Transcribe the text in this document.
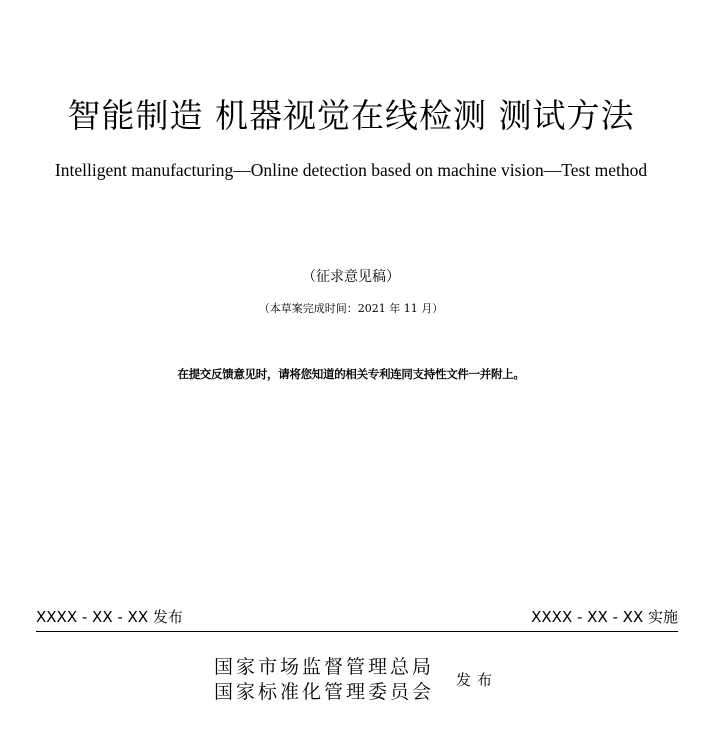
智能制造 机器视觉在线检测 测试方法
Intelligent manufacturing—Online detection based on machine vision—Test method
（征求意见稿）
（本草案完成时间：2021 年 11 月）
在提交反馈意见时，请将您知道的相关专利连同支持性文件一并附上。
XXXX - XX - XX 发布	XXXX - XX - XX 实施
国家市场监督管理总局
国家标准化管理委员会
发布
